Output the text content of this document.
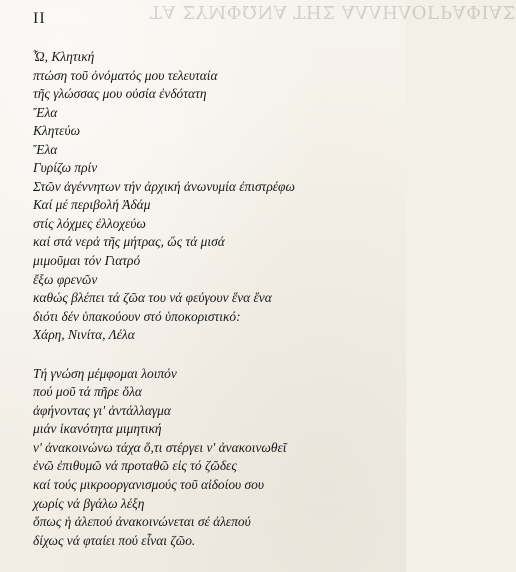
ΤΑ ΣΥΜΦΩΝΑ ΤΗΣ ΑΛΛΗΛΟΓΡΑΦΙΑΣ
II
Ὦ, Κλητική
πτώση τοῦ ὀνόματός μου τελευταία
τῆς γλώσσας μου οὐσία ἐνδότατη
Ἔλα
Κλητεύω
Ἔλα
Γυρίζω πρίν
Στῶν ἀγέννητων τήν ἀρχική ἀνωνυμία ἐπιστρέφω
Καί μέ περιβολή Ἀδάμ
στίς λόχμες ἐλλοχεύω
καί στά νερά τῆς μήτρας, ὥς τά μισά
μιμοῦμαι τόν Γιατρό
ἔξω φρενῶν
καθώς βλέπει τά ζῶα του νά φεύγουν ἕνα ἕνα
διότι δέν ὑπακούουν στό ὑποκοριστικό:
Χάρη, Νινίτα, Λέλα
Τή γνώση μέμφομαι λοιπόν
πού μοῦ τά πῆρε ὅλα
ἀφήνοντας γι' ἀντάλλαγμα
μιάν ἱκανότητα μιμητική
ν' ἀνακοινώνω τάχα ὅ,τι στέργει ν' ἀνακοινωθεῖ
ἐνῶ ἐπιθυμῶ νά προταθῶ εἰς τό ζῶδες
καί τούς μικροοργανισμούς τοῦ αἰδοίου σου
χωρίς νά βγάλω λέξη
ὅπως ἡ ἀλεπού ἀνακοινώνεται σέ ἀλεπού
δίχως νά φταίει πού εἶναι ζῶο.
